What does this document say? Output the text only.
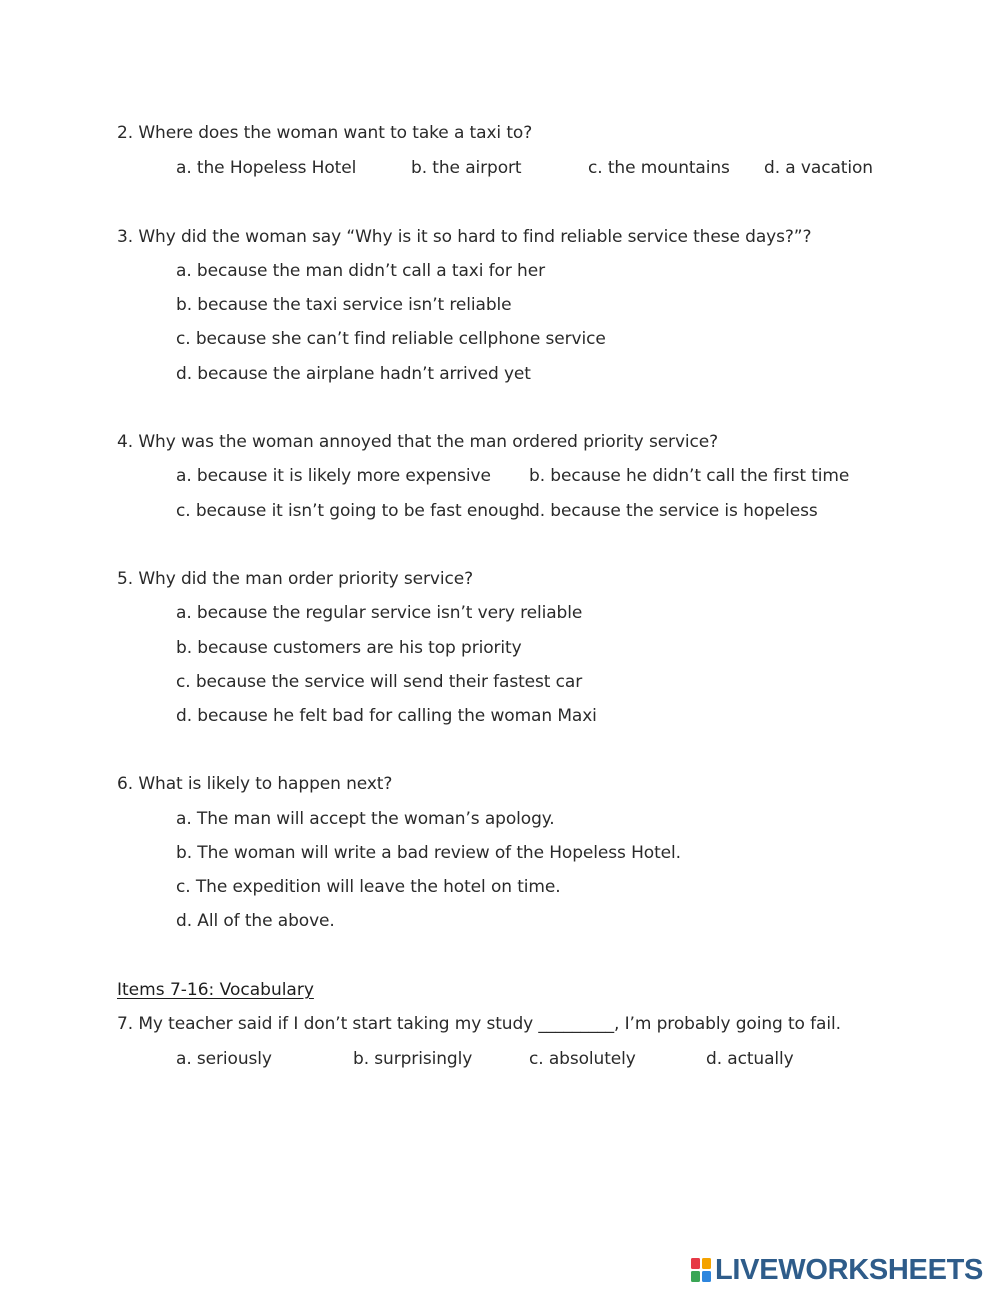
2. Where does the woman want to take a taxi to?
a. the Hopeless Hotel	b. the airport	c. the mountains d. a vacation
3. Why did the woman say “Why is it so hard to find reliable service these days?”?
a. because the man didn’t call a taxi for her
b. because the taxi service isn’t reliable
c. because she can’t find reliable cellphone service
d. because the airplane hadn’t arrived yet
4. Why was the woman annoyed that the man ordered priority service?
a. because it is likely more expensive b. because he didn’t call the first time
c. because it isn’t going to be fast enough
d. because the service is hopeless
5. Why did the man order priority service?
a. because the regular service isn’t very reliable
b. because customers are his top priority
c. because the service will send their fastest car
d. because he felt bad for calling the woman Maxi
6. What is likely to happen next?
a. The man will accept the woman’s apology.
b. The woman will write a bad review of the Hopeless Hotel.
c. The expedition will leave the hotel on time.
d. All of the above.
Items 7-16: Vocabulary
7. My teacher said if I don’t start taking my study _________, I’m probably going to fail.
a. seriously	b. surprisingly	c. absolutely	d. actually
LIVEWORKSHEETS
